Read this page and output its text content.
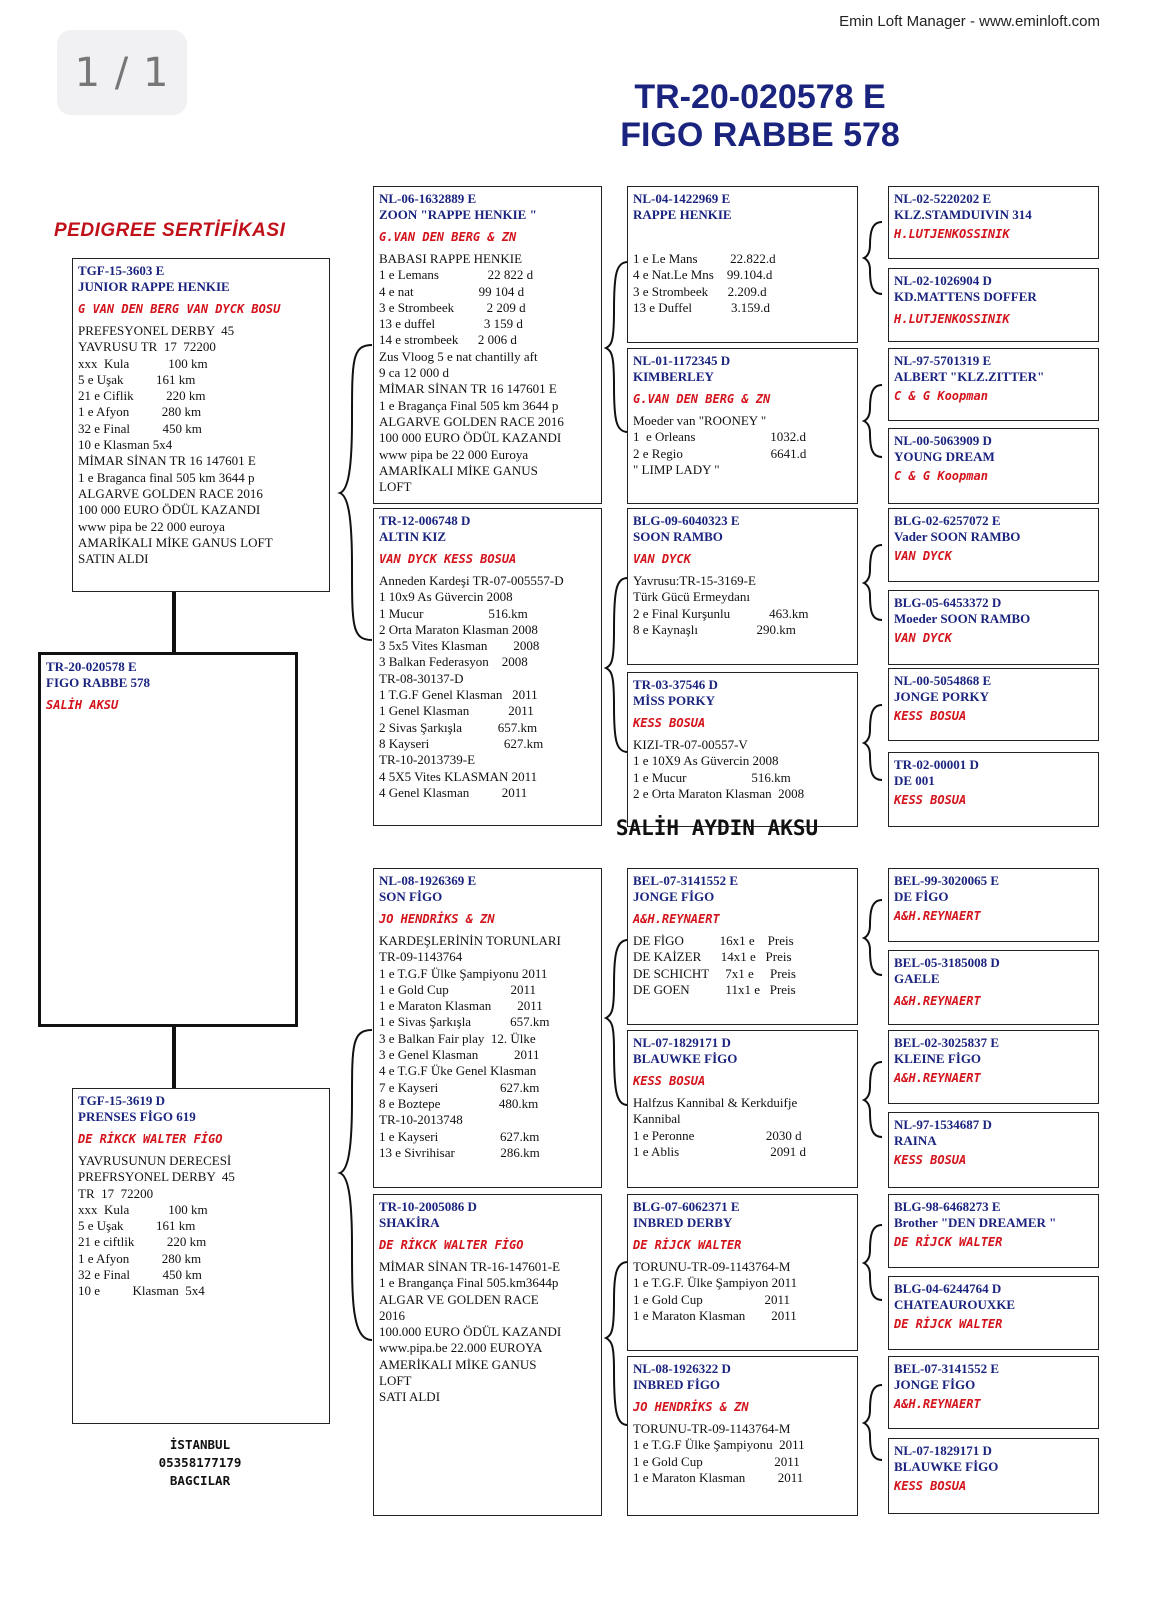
1 / 1
Emin Loft Manager - www.eminloft.com
TR-20-020578 E
FIGO RABBE 578
PEDIGREE SERTİFİKASI
TGF-15-3603 E
JUNIOR RAPPE HENKIE
G VAN DEN BERG VAN DYCK BOSU
PREFESYONEL DERBY  45
YAVRUSU TR  17  72200
xxx  Kula            100 km
5 e Uşak          161 km
21 e Ciflik          220 km
1 e Afyon          280 km
32 e Final          450 km
10 e Klasman 5x4
MİMAR SİNAN TR 16 147601 E
1 e Braganca final 505 km 3644 p
ALGARVE GOLDEN RACE 2016
100 000 EURO ÖDÜL KAZANDI
www pipa be 22 000 euroya
AMARİKALI MİKE GANUS LOFT
SATIN ALDI
TR-20-020578 E
FIGO RABBE 578
SALİH AKSU
TGF-15-3619 D
PRENSES FİGO 619
DE RİKCK WALTER FİGO
YAVRUSUNUN DERECESİ
PREFRSYONEL DERBY  45
TR  17  72200
xxx  Kula            100 km
5 e Uşak          161 km
21 e ciftlik          220 km
1 e Afyon          280 km
32 e Final          450 km
10 e          Klasman  5x4
İSTANBUL
05358177179
BAGCILAR
NL-06-1632889 E
ZOON "RAPPE HENKIE "
G.VAN DEN BERG & ZN
BABASI RAPPE HENKIE
1 e Lemans               22 822 d
4 e nat                    99 104 d
3 e Strombeek          2 209 d
13 e duffel               3 159 d
14 e strombeek      2 006 d
Zus Vloog 5 e nat chantilly aft
9 ca 12 000 d
MİMAR SİNAN TR 16 147601 E
1 e Bragança Final 505 km 3644 p
ALGARVE GOLDEN RACE 2016
100 000 EURO ÖDÜL KAZANDI
www pipa be 22 000 Euroya
AMARİKALI MİKE GANUS
LOFT
TR-12-006748 D
ALTIN KIZ
VAN DYCK KESS BOSUA
Anneden Kardeşi TR-07-005557-D
1 10x9 As Güvercin 2008
1 Mucur                    516.km
2 Orta Maraton Klasman 2008
3 5x5 Vites Klasman        2008
3 Balkan Federasyon    2008
TR-08-30137-D
1 T.G.F Genel Klasman   2011
1 Genel Klasman            2011
2 Sivas Şarkışla           657.km
8 Kayseri                       627.km
TR-10-2013739-E
4 5X5 Vites KLASMAN 2011
4 Genel Klasman          2011
NL-08-1926369 E
SON FİGO
JO HENDRİKS & ZN
KARDEŞLERİNİN TORUNLARI
TR-09-1143764
1 e T.G.F Ülke Şampiyonu 2011
1 e Gold Cup                   2011
1 e Maraton Klasman        2011
1 e Sivas Şarkışla            657.km
3 e Balkan Fair play  12. Ülke
3 e Genel Klasman           2011
4 e T.G.F Üke Genel Klasman
7 e Kayseri                   627.km
8 e Boztepe                  480.km
TR-10-2013748
1 e Kayseri                   627.km
13 e Sivrihisar              286.km
TR-10-2005086 D
SHAKİRA
DE RİKCK WALTER FİGO
MİMAR SİNAN TR-16-147601-E
1 e Brangança Final 505.km3644p
ALGAR VE GOLDEN RACE
2016
100.000 EURO ÖDÜL KAZANDI
www.pipa.be 22.000 EUROYA
AMERİKALI MİKE GANUS
LOFT
SATI ALDI
NL-04-1422969 E
RAPPE HENKIE
1 e Le Mans          22.822.d
4 e Nat.Le Mns    99.104.d
3 e Strombeek      2.209.d
13 e Duffel            3.159.d
NL-01-1172345 D
KIMBERLEY
G.VAN DEN BERG & ZN
Moeder van "ROONEY "
1  e Orleans                       1032.d
2 e Regio                           6641.d
" LIMP LADY "
BLG-09-6040323 E
SOON RAMBO
VAN DYCK
Yavrusu:TR-15-3169-E
Türk Gücü Ermeydanı
2 e Final Kurşunlu            463.km
8 e Kaynaşlı                  290.km
TR-03-37546 D
MİSS PORKY
KESS BOSUA
KIZI-TR-07-00557-V
1 e 10X9 As Güvercin 2008
1 e Mucur                    516.km
2 e Orta Maraton Klasman  2008
BEL-07-3141552 E
JONGE FİGO
A&H.REYNAERT
DE FİGO           16x1 e    Preis
DE KAİZER      14x1 e   Preis
DE SCHICHT     7x1 e     Preis
DE GOEN           11x1 e   Preis
NL-07-1829171 D
BLAUWKE FİGO
KESS BOSUA
Halfzus Kannibal & Kerkduifje
Kannibal
1 e Peronne                      2030 d
1 e Ablis                            2091 d
BLG-07-6062371 E
INBRED DERBY
DE RİJCK WALTER
TORUNU-TR-09-1143764-M
1 e T.G.F. Ülke Şampiyon 2011
1 e Gold Cup                   2011
1 e Maraton Klasman        2011
NL-08-1926322 D
INBRED FİGO
JO HENDRİKS & ZN
TORUNU-TR-09-1143764-M
1 e T.G.F Ülke Şampiyonu  2011
1 e Gold Cup                      2011
1 e Maraton Klasman          2011
SALİH AYDIN AKSU
NL-02-5220202 E
KLZ.STAMDUIVIN 314
H.LUTJENKOSSINIK
NL-02-1026904 D
KD.MATTENS DOFFER
H.LUTJENKOSSINIK
NL-97-5701319 E
ALBERT "KLZ.ZITTER"
C & G Koopman
NL-00-5063909 D
YOUNG DREAM
C & G Koopman
BLG-02-6257072 E
Vader SOON RAMBO
VAN DYCK
BLG-05-6453372 D
Moeder SOON RAMBO
VAN DYCK
NL-00-5054868 E
JONGE PORKY
KESS BOSUA
TR-02-00001 D
DE 001
KESS BOSUA
BEL-99-3020065 E
DE FİGO
A&H.REYNAERT
BEL-05-3185008 D
GAELE
A&H.REYNAERT
BEL-02-3025837 E
KLEINE FİGO
A&H.REYNAERT
NL-97-1534687 D
RAINA
KESS BOSUA
BLG-98-6468273 E
Brother "DEN DREAMER "
DE RİJCK WALTER
BLG-04-6244764 D
CHATEAUROUXKE
DE RİJCK WALTER
BEL-07-3141552 E
JONGE FİGO
A&H.REYNAERT
NL-07-1829171 D
BLAUWKE FİGO
KESS BOSUA
